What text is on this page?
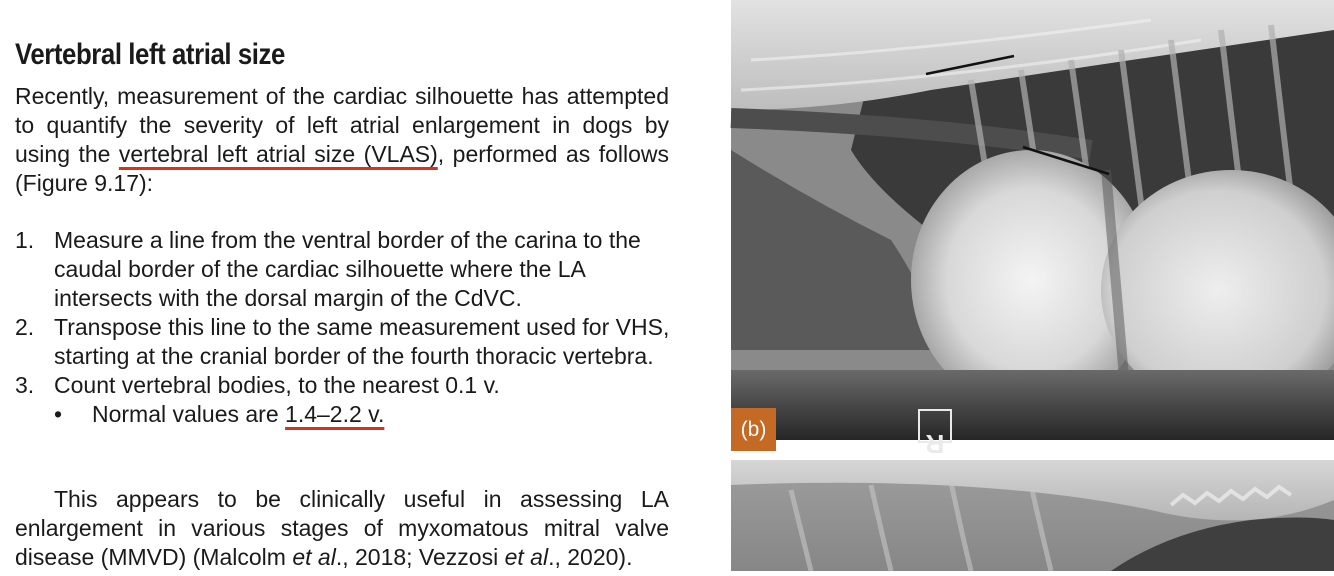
Vertebral left atrial size

Recently, measurement of the cardiac silhouette has attempted to quantify the severity of left atrial enlargement in dogs by using the vertebral left atrial size (VLAS), performed as follows (Figure 9.17):

1. Measure a line from the ventral border of the carina to the caudal border of the cardiac silhouette where the LA intersects with the dorsal margin of the CdVC.
2. Transpose this line to the same measurement used for VHS, starting at the cranial border of the fourth thoracic vertebra.
3. Count vertebral bodies, to the nearest 0.1 v.
• Normal values are 1.4–2.2 v.

This appears to be clinically useful in assessing LA enlargement in various stages of myxomatous mitral valve disease (MMVD) (Malcolm et al., 2018; Vezzosi et al., 2020).

(b)	R
